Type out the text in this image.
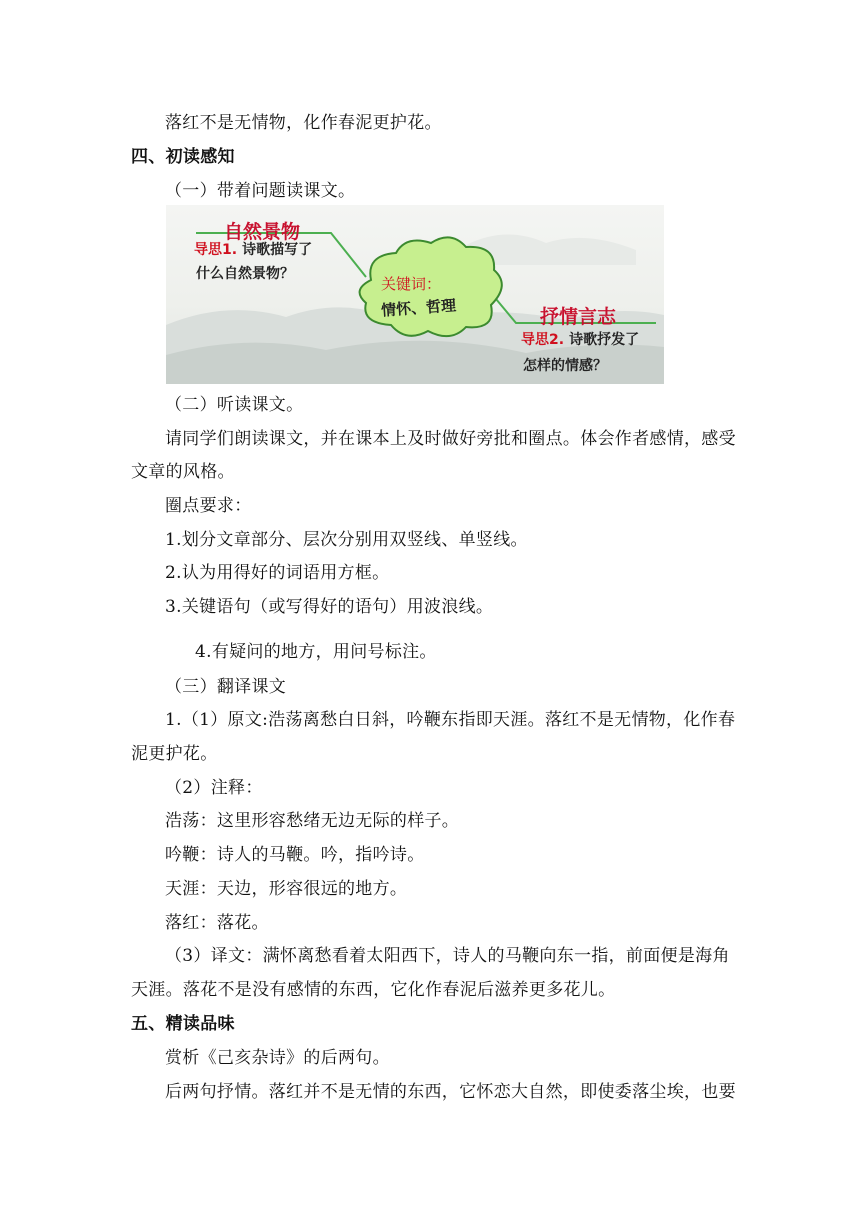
落红不是无情物，化作春泥更护花。
四、初读感知
（一）带着问题读课文。
自然景物
导思1. 诗歌描写了
什么自然景物？
关键词：
情怀、哲理	抒情言志
导思2. 诗歌抒发了
怎样的情感？
（二）听读课文。
请同学们朗读课文，并在课本上及时做好旁批和圈点。体会作者感情，感受
文章的风格。
圈点要求：
1.划分文章部分、层次分别用双竖线、单竖线。
2.认为用得好的词语用方框。
3.关键语句（或写得好的语句）用波浪线。
4.有疑问的地方，用问号标注。
（三）翻译课文
1.（1）原文:浩荡离愁白日斜，吟鞭东指即天涯。落红不是无情物，化作春
泥更护花。
（2）注释：
浩荡：这里形容愁绪无边无际的样子。
吟鞭：诗人的马鞭。吟，指吟诗。
天涯：天边，形容很远的地方。
落红：落花。
（3）译文：满怀离愁看着太阳西下，诗人的马鞭向东一指，前面便是海角
天涯。落花不是没有感情的东西，它化作春泥后滋养更多花儿。
五、精读品味
赏析《己亥杂诗》的后两句。
后两句抒情。落红并不是无情的东西，它怀恋大自然，即使委落尘埃，也要
